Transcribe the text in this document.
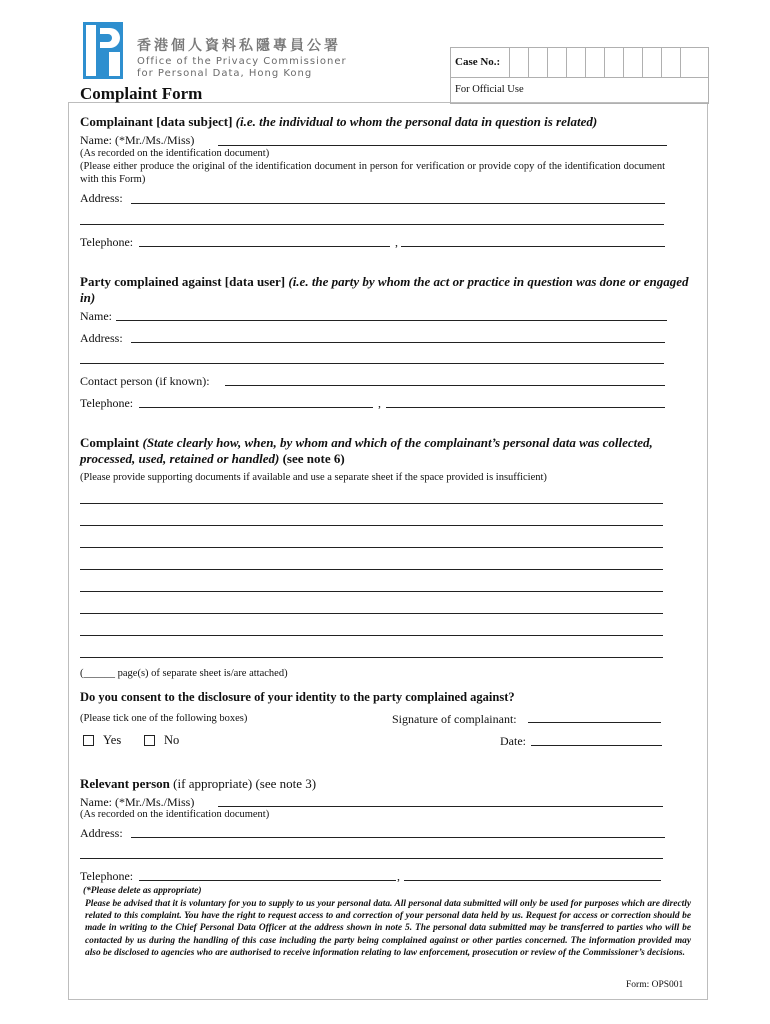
香港個人資料私隱專員公署
Office of the Privacy Commissioner
for Personal Data, Hong Kong
Case No.:
For Official Use
Complaint Form
Complainant [data subject] (i.e. the individual to whom the personal data in question is related)
Name: (*Mr./Ms./Miss)
(As recorded on the identification document)
(Please either produce the original of the identification document in person for verification or provide copy of the identification document with this Form)
Address:
Telephone:	,
Party complained against [data user] (i.e. the party by whom the act or practice in question was done or engaged in)
Name:
Address:
Contact person (if known):
Telephone:	,
Complaint (State clearly how, when, by whom and which of the complainant’s personal data was collected, processed, used, retained or handled) (see note 6)
(Please provide supporting documents if available and use a separate sheet if the space provided is insufficient)
(______ page(s) of separate sheet is/are attached)
Do you consent to the disclosure of your identity to the party complained against?
(Please tick one of the following boxes)	Signature of complainant:
Yes	No	Date:
Relevant person (if appropriate) (see note 3)
Name: (*Mr./Ms./Miss)
(As recorded on the identification document)
Address:
Telephone:	,
(*Please delete as appropriate)
Please be advised that it is voluntary for you to supply to us your personal data. All personal data submitted will only be used for purposes which are directly related to this complaint. You have the right to request access to and correction of your personal data held by us. Request for access or correction should be made in writing to the Chief Personal Data Officer at the address shown in note 5. The personal data submitted may be transferred to parties who will be contacted by us during the handling of this case including the party being complained against or other parties concerned. The information provided may also be disclosed to agencies who are authorised to receive information relating to law enforcement, prosecution or review of the Commissioner’s decisions.
Form: OPS001
